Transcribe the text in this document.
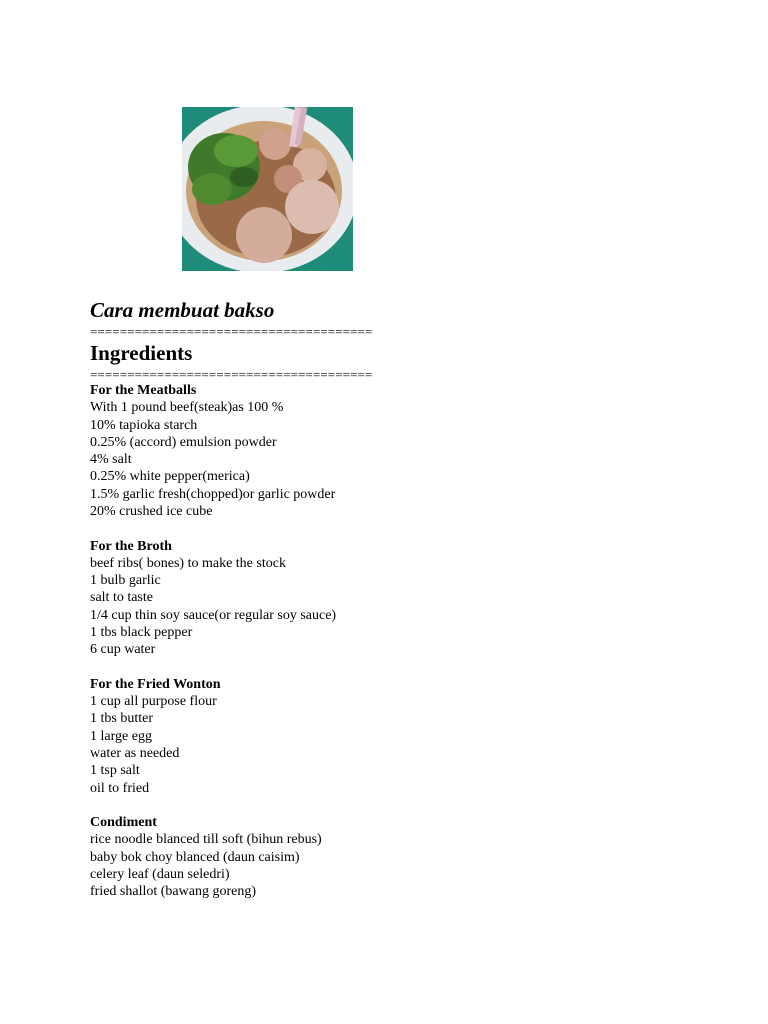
Cara membuat bakso
======================================
Ingredients
======================================
For the Meatballs
With 1 pound beef(steak)as 100 %
10% tapioka starch
0.25% (accord) emulsion powder
4% salt
0.25% white pepper(merica)
1.5% garlic fresh(chopped)or garlic powder
20% crushed ice cube
For the Broth
beef ribs( bones) to make the stock
1 bulb garlic
salt to taste
1/4 cup thin soy sauce(or regular soy sauce)
1 tbs black pepper
6 cup water
For the Fried Wonton
1 cup all purpose flour
1 tbs butter
1 large egg
water as needed
1 tsp salt
oil to fried
Condiment
rice noodle blanced till soft (bihun rebus)
baby bok choy blanced (daun caisim)
celery leaf (daun seledri)
fried shallot (bawang goreng)
